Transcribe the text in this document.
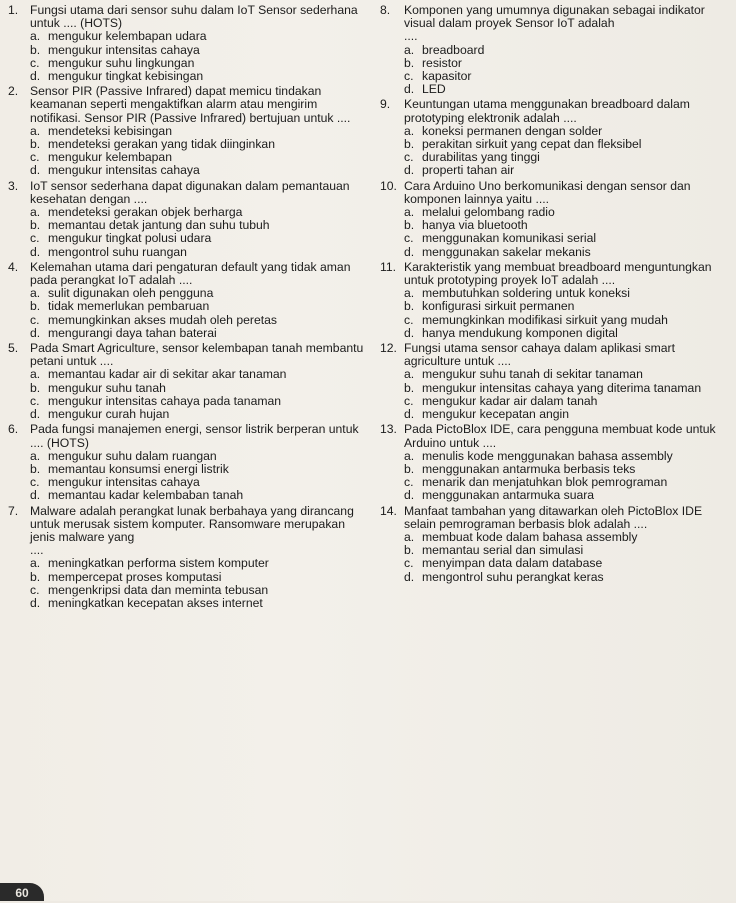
1. Fungsi utama dari sensor suhu dalam IoT Sensor sederhana untuk .... (HOTS)
a. mengukur kelembapan udara
b. mengukur intensitas cahaya
c. mengukur suhu lingkungan
d. mengukur tingkat kebisingan
2. Sensor PIR (Passive Infrared) dapat memicu tindakan keamanan seperti mengaktifkan alarm atau mengirim notifikasi. Sensor PIR (Passive Infrared) bertujuan untuk ....
a. mendeteksi kebisingan
b. mendeteksi gerakan yang tidak diinginkan
c. mengukur kelembapan
d. mengukur intensitas cahaya
3. IoT sensor sederhana dapat digunakan dalam pemantauan kesehatan dengan ....
a. mendeteksi gerakan objek berharga
b. memantau detak jantung dan suhu tubuh
c. mengukur tingkat polusi udara
d. mengontrol suhu ruangan
4. Kelemahan utama dari pengaturan default yang tidak aman pada perangkat IoT adalah ....
a. sulit digunakan oleh pengguna
b. tidak memerlukan pembaruan
c. memungkinkan akses mudah oleh peretas
d. mengurangi daya tahan baterai
5. Pada Smart Agriculture, sensor kelembapan tanah membantu petani untuk ....
a. memantau kadar air di sekitar akar tanaman
b. mengukur suhu tanah
c. mengukur intensitas cahaya pada tanaman
d. mengukur curah hujan
6. Pada fungsi manajemen energi, sensor listrik berperan untuk .... (HOTS)
a. mengukur suhu dalam ruangan
b. memantau konsumsi energi listrik
c. mengukur intensitas cahaya
d. memantau kadar kelembaban tanah
7. Malware adalah perangkat lunak berbahaya yang dirancang untuk merusak sistem komputer. Ransomware merupakan jenis malware yang
....
a. meningkatkan performa sistem komputer
b. mempercepat proses komputasi
c. mengenkripsi data dan meminta tebusan
d. meningkatkan kecepatan akses internet
8.	Komponen yang umumnya digunakan sebagai indikator visual dalam proyek Sensor IoT adalah
....
a. breadboard
b. resistor
c. kapasitor
d. LED
9.	Keuntungan utama menggunakan breadboard dalam prototyping elektronik adalah ....
a. koneksi permanen dengan solder
b. perakitan sirkuit yang cepat dan fleksibel
c. durabilitas yang tinggi
d. properti tahan air
10. Cara Arduino Uno berkomunikasi dengan sensor dan komponen lainnya yaitu ....
a. melalui gelombang radio
b. hanya via bluetooth
c. menggunakan komunikasi serial
d. menggunakan sakelar mekanis
11. Karakteristik yang membuat breadboard menguntungkan untuk prototyping proyek IoT adalah ....
a. membutuhkan soldering untuk koneksi
b. konfigurasi sirkuit permanen
c. memungkinkan modifikasi sirkuit yang mudah
d. hanya mendukung komponen digital
12. Fungsi utama sensor cahaya dalam aplikasi smart agriculture untuk ....
a. mengukur suhu tanah di sekitar tanaman
b. mengukur intensitas cahaya yang diterima tanaman
c. mengukur kadar air dalam tanah
d. mengukur kecepatan angin
13. Pada PictoBlox IDE, cara pengguna membuat kode untuk Arduino untuk ....
a. menulis kode menggunakan bahasa assembly
b. menggunakan antarmuka berbasis teks
c. menarik dan menjatuhkan blok pemrograman
d. menggunakan antarmuka suara
14. Manfaat tambahan yang ditawarkan oleh PictoBlox IDE selain pemrograman berbasis blok adalah ....
a. membuat kode dalam bahasa assembly
b. memantau serial dan simulasi
c. menyimpan data dalam database
d. mengontrol suhu perangkat keras
60
